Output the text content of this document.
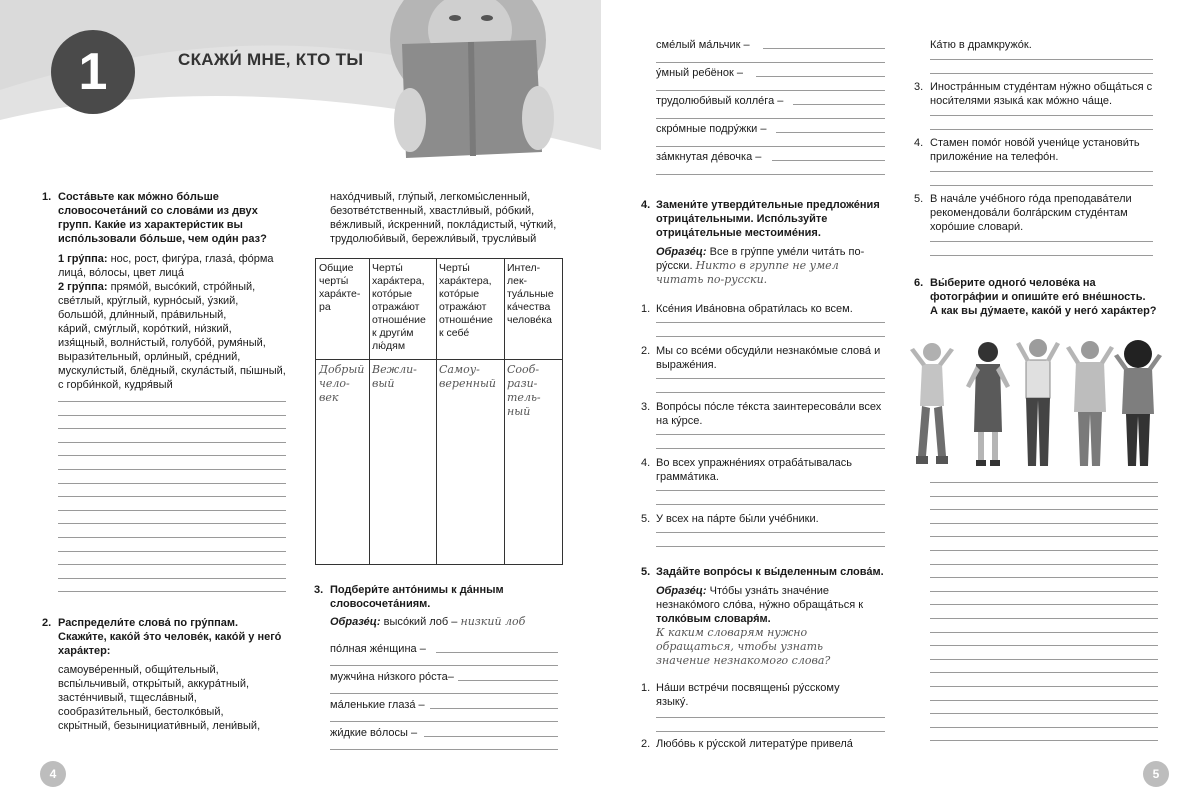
1	СКАЖИ́ МНЕ, КТО ТЫ
1. Соста́вьте как мо́жно бо́льше
словосочета́ний со слова́ми из двух
групп. Каки́е из характери́стик вы
испо́льзовали бо́льше, чем оди́н раз?
1 гру́ппа: нос, рост, фигу́ра, глаза́, фо́рма
лица́, во́лосы, цвет лица́
2 гру́ппа: прямо́й, высо́кий, стро́йный,
све́тлый, кру́глый, курно́сый, у́зкий,
большо́й, дли́нный, пра́вильный,
ка́рий, сму́глый, коро́ткий, ни́зкий,
изя́щный, волни́стый, голубо́й, румя́ный,
вырази́тельный, орли́ный, сре́дний,
мускули́стый, блёдный, скула́стый, пы́шный,
с горби́нкой, кудря́вый
2. Распредели́те слова́ по гру́ппам.
Скажи́те, како́й э́то челове́к, како́й у него́
хара́ктер:
самоуве́ренный, общи́тельный,
вспы́льчивый, откры́тый, аккура́тный,
засте́нчивый, тщесла́вный,
сообрази́тельный, бестолко́вый,
скры́тный, безынициати́вный, лени́вый,
нахо́дчивый, глу́пый, легкомы́сленный,
безотве́тственный, хвастли́вый, ро́бкий,
ве́жливый, и́скренний, покла́дистый, чу́ткий,
трудолюби́вый, бережли́вый, трусли́вый
Общие
черты́
хара́кте-
ра
Черты́
хара́ктера,
кото́рые
отража́ют
отноше́ние
к други́м
лю́дям
Черты́
хара́ктера,
кото́рые
отража́ют
отноше́ние
к себе́
Интел-
лек-
туа́льные
ка́чества
челове́ка
Добрый
чело-
век
Вежли-
вый
Самоу-
веренный
Сооб-
рази-
тель-
ный
3. Подбери́те анто́нимы к да́нным
словосочета́ниям.
Образе́ц: высо́кий лоб – низкий лоб
по́лная же́нщина –
мужчи́на ни́зкого ро́ста–
ма́ленькие глаза́ –
жи́дкие во́лосы –
4
сме́лый ма́льчик –
у́мный ребёнок –
трудолюби́вый колле́га –
скро́мные подру́жки –
за́мкнутая де́вочка –
4. Замени́те утверди́тельные предложе́ния
отрица́тельными. Испо́льзуйте
отрица́тельные местоиме́ния.
Образе́ц: Все в гру́ппе уме́ли чита́ть по-
ру́сски. Никто в группе не умел
читать по-русски.
1. Ксе́ния Ива́новна обрати́лась ко всем.
2. Мы со все́ми обсуди́ли незнако́мые слова́ и
выраже́ния.
3. Вопро́сы по́сле те́кста заинтересова́ли всех
на ку́рсе.
4. Во всех упражне́ниях отраба́тывалась
грамма́тика.
5. У всех на па́рте бы́ли уче́бники.
5. Зада́йте вопро́сы к вы́деленным слова́м.
Образе́ц: Что́бы узна́ть значе́ние
незнако́мого сло́ва, ну́жно обраща́ться к
толко́вым словаря́м.
К каким словарям нужно
обращаться, чтобы узнать
значение незнакомого слова?
1. На́ши встре́чи посвящены́ ру́сскому
языку́.
2. Любо́вь к ру́сской литерату́ре привела́
Ка́тю в драмкружо́к.
3. Иностра́нным студе́нтам ну́жно обща́ться с
носи́телями языка́ как мо́жно ча́ще.
4. Стамен помо́г ново́й учени́це установи́ть
приложе́ние на телефо́н.
5. В нача́ле уче́бного го́да преподава́тели
рекомендова́ли болга́рским студе́нтам
хоро́шие словари́.
6. Вы́берите одного́ челове́ка на
фотогра́фии и опиши́те его́ вне́шность.
А как вы ду́маете, како́й у него́ хара́ктер?
5
